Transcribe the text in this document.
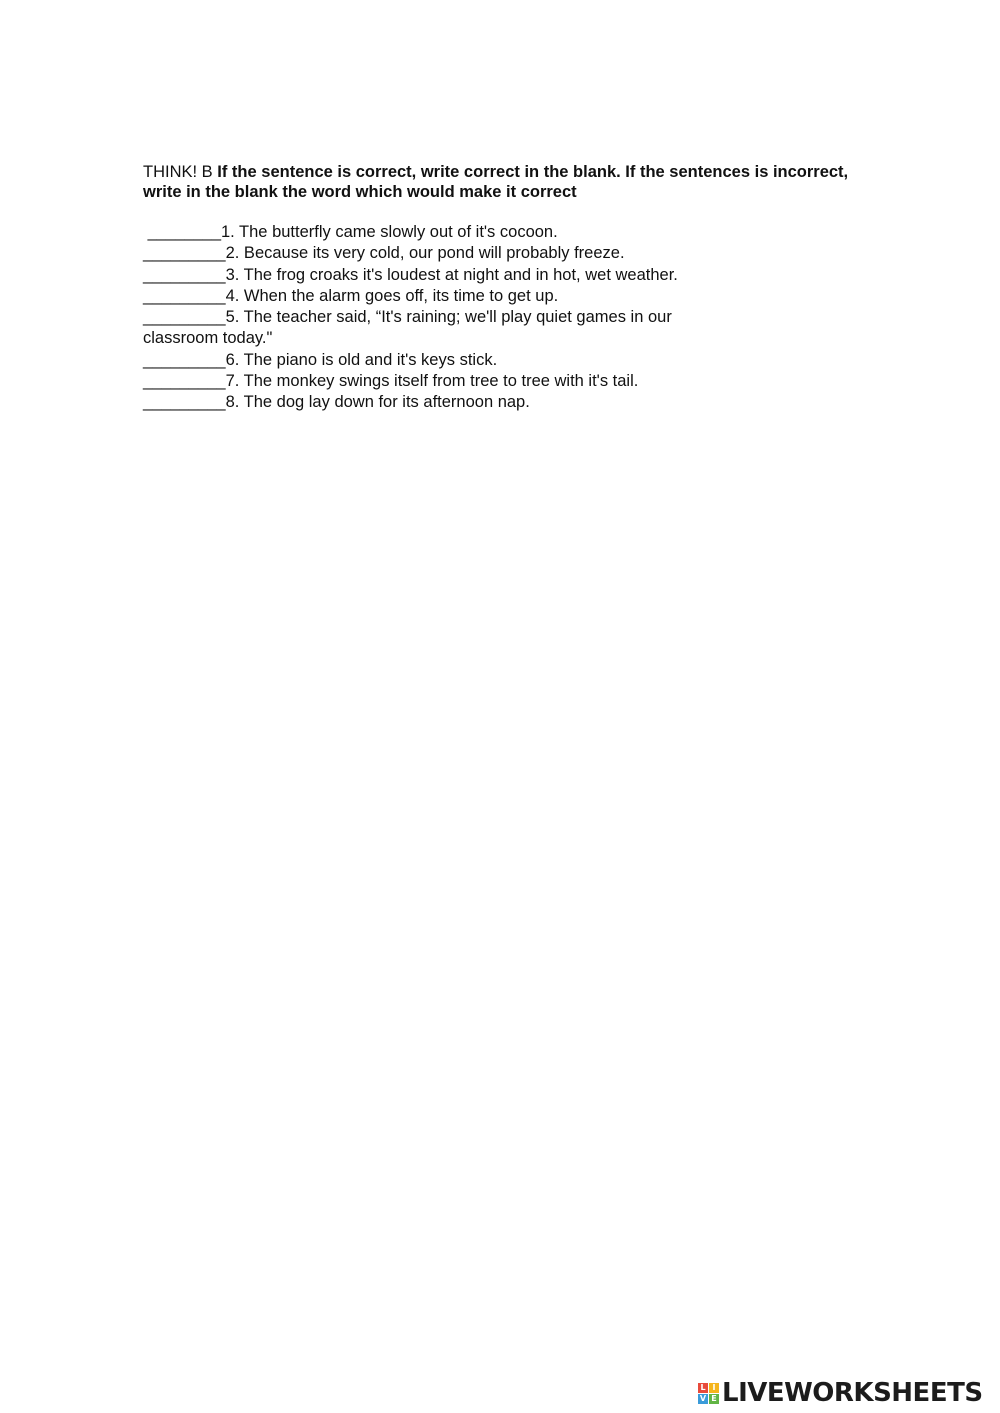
THINK! B If the sentence is correct, write correct in the blank. If the sentences is incorrect, write in the blank the word which would make it correct

________1. The butterfly came slowly out of it's cocoon.

_________2. Because its very cold, our pond will probably freeze.

_________3. The frog croaks it's loudest at night and in hot, wet weather.

_________4. When the alarm goes off, its time to get up.

_________5. The teacher said, “It's raining; we'll play quiet games in our classroom today."

_________6. The piano is old and it's keys stick.

_________7. The monkey swings itself from tree to tree with it's tail.

_________8. The dog lay down for its afternoon nap.

L I
V E LIVEWORKSHEETS
